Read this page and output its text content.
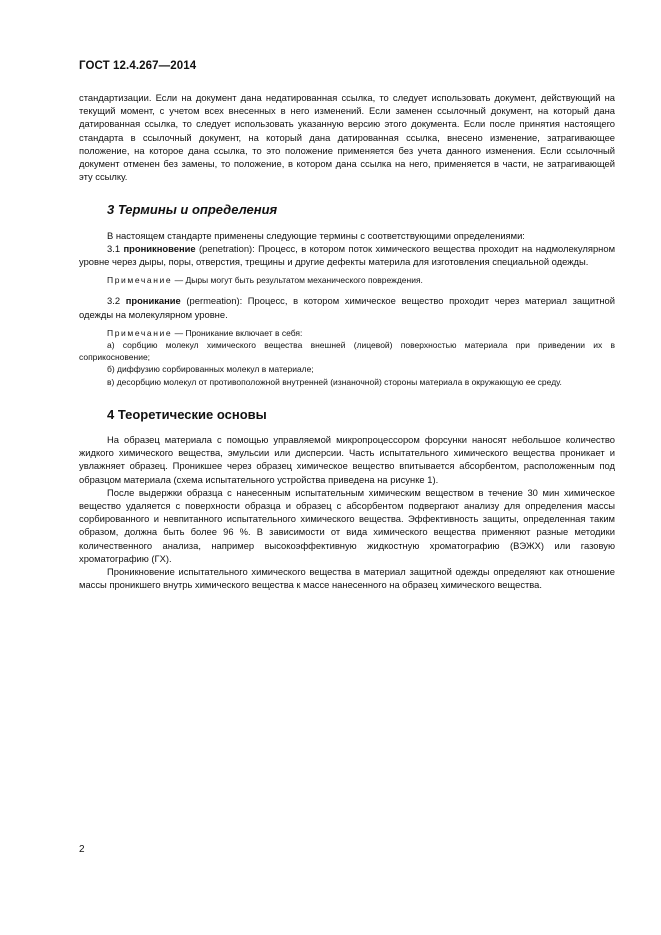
ГОСТ 12.4.267—2014

стандартизации. Если на документ дана недатированная ссылка, то следует использовать документ, действующий на текущий момент, с учетом всех внесенных в него изменений. Если заменен ссылочный документ, на который дана датированная ссылка, то следует использовать указанную версию этого документа. Если после принятия настоящего стандарта в ссылочный документ, на который дана датированная ссылка, внесено изменение, затрагивающее положение, на которое дана ссылка, то это положение применяется без учета данного изменения. Если ссылочный документ отменен без замены, то положение, в котором дана ссылка на него, применяется в части, не затрагивающей эту ссылку.

3 Термины и определения

В настоящем стандарте применены следующие термины с соответствующими определениями:

3.1 проникновение (penetration): Процесс, в котором поток химического вещества проходит на надмолекулярном уровне через дыры, поры, отверстия, трещины и другие дефекты материла для изготовления специальной одежды.

Примечание — Дыры могут быть результатом механического повреждения.

3.2 проникание (permeation): Процесс, в котором химическое вещество проходит через материал защитной одежды на молекулярном уровне.

Примечание — Проникание включает в себя:

а) сорбцию молекул химического вещества внешней (лицевой) поверхностью материала при приведении их в соприкосновение;

б) диффузию сорбированных молекул в материале;

в) десорбцию молекул от противоположной внутренней (изнаночной) стороны материала в окружающую ее среду.

4 Теоретические основы

На образец материала с помощью управляемой микропроцессором форсунки наносят небольшое количество жидкого химического вещества, эмульсии или дисперсии. Часть испытательного химического вещества проникает и увлажняет образец. Проникшее через образец химическое вещество впитывается абсорбентом, расположенным под образцом материала (схема испытательного устройства приведена на рисунке 1).

После выдержки образца с нанесенным испытательным химическим веществом в течение 30 мин химическое вещество удаляется с поверхности образца и образец с абсорбентом подвергают анализу для определения массы сорбированного и невпитанного испытательного химического вещества. Эффективность защиты, определенная таким образом, должна быть более 96 %. В зависимости от вида химического вещества применяют разные методики количественного анализа, например высокоэффективную жидкостную хроматографию (ВЭЖХ) или газовую хроматографию (ГХ).

Проникновение испытательного химического вещества в материал защитной одежды определяют как отношение массы проникшего внутрь химического вещества к массе нанесенного на образец химического вещества.

2
